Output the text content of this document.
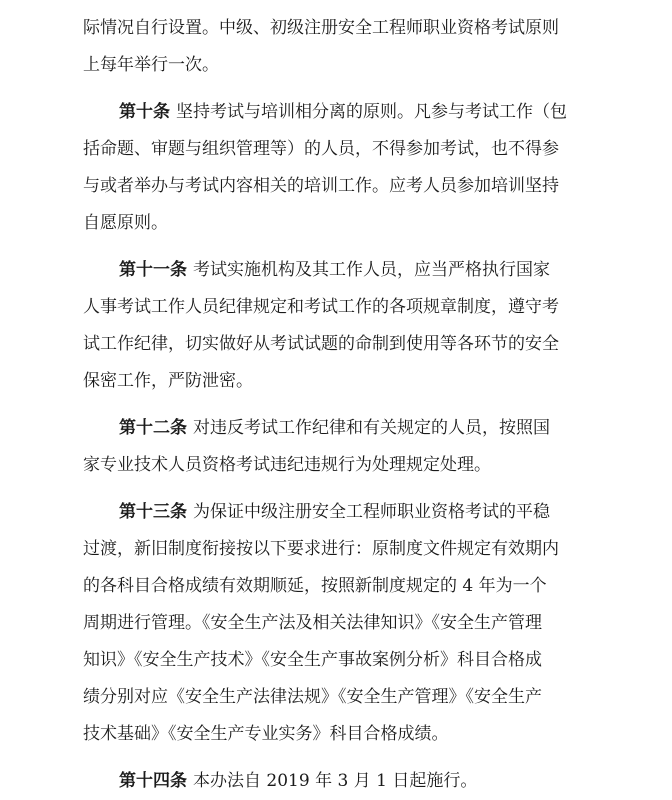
际情况自行设置。中级、初级注册安全工程师职业资格考试原则
上每年举行一次。
第十条 坚持考试与培训相分离的原则。凡参与考试工作（包
括命题、审题与组织管理等）的人员，不得参加考试，也不得参
与或者举办与考试内容相关的培训工作。应考人员参加培训坚持
自愿原则。
第十一条 考试实施机构及其工作人员，应当严格执行国家
人事考试工作人员纪律规定和考试工作的各项规章制度，遵守考
试工作纪律，切实做好从考试试题的命制到使用等各环节的安全
保密工作，严防泄密。
第十二条 对违反考试工作纪律和有关规定的人员，按照国
家专业技术人员资格考试违纪违规行为处理规定处理。
第十三条 为保证中级注册安全工程师职业资格考试的平稳
过渡，新旧制度衔接按以下要求进行：原制度文件规定有效期内
的各科目合格成绩有效期顺延，按照新制度规定的 4 年为一个
周期进行管理。《安全生产法及相关法律知识》《安全生产管理
知识》《安全生产技术》《安全生产事故案例分析》科目合格成
绩分别对应《安全生产法律法规》《安全生产管理》《安全生产
技术基础》《安全生产专业实务》科目合格成绩。
第十四条 本办法自 2019 年 3 月 1 日起施行。
